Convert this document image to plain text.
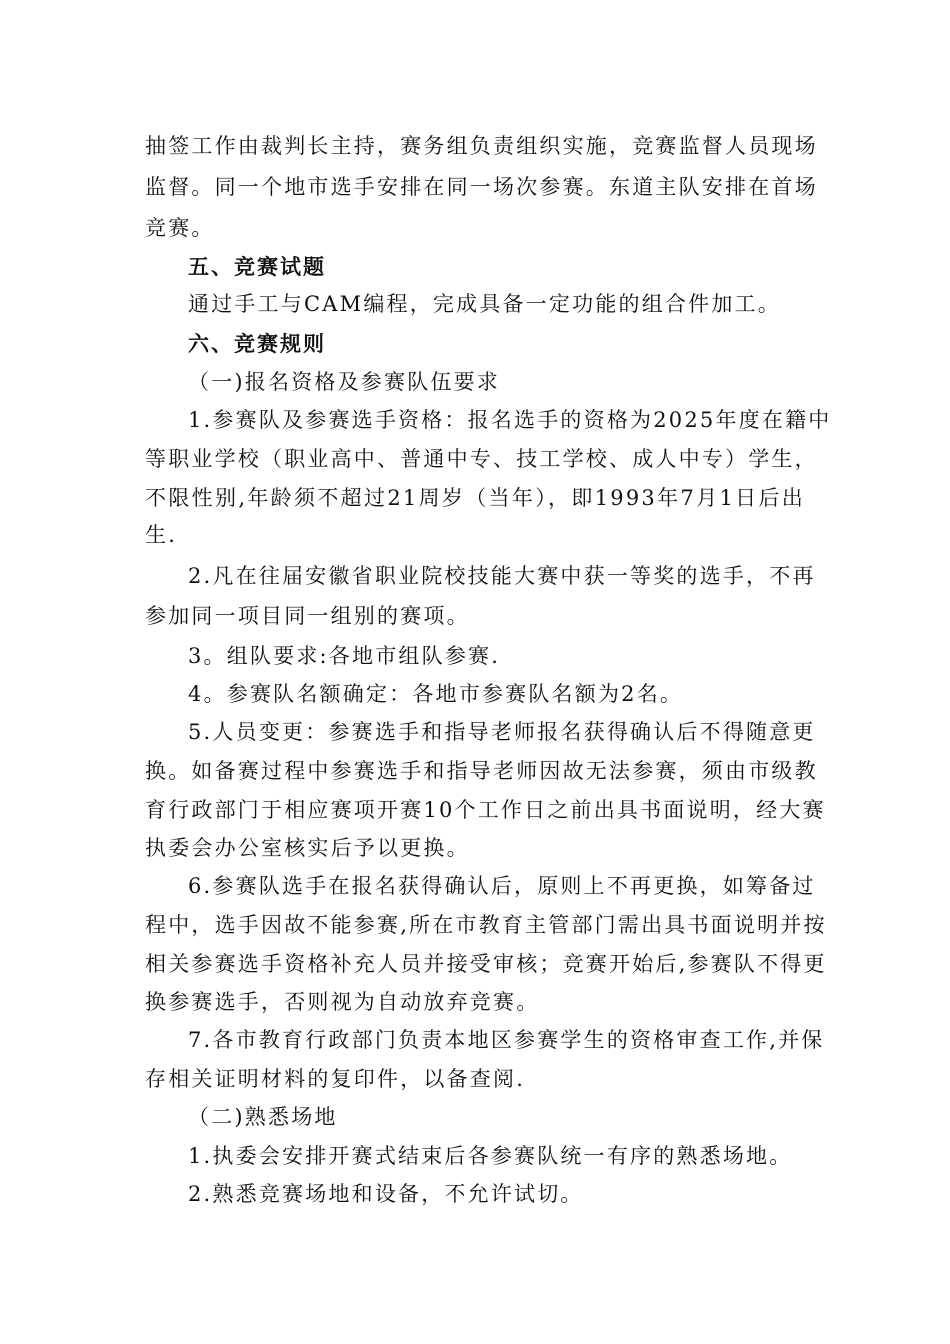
抽签工作由裁判长主持，赛务组负责组织实施，竞赛监督人员现场
监督。同一个地市选手安排在同一场次参赛。东道主队安排在首场
竞赛。
五、竞赛试题
通过手工与CAM编程，完成具备一定功能的组合件加工。
六、竞赛规则
（一)报名资格及参赛队伍要求
1.参赛队及参赛选手资格：报名选手的资格为2025年度在籍中
等职业学校（职业高中、普通中专、技工学校、成人中专）学生，
不限性别,年龄须不超过21周岁（当年），即1993年7月1日后出
生.
2.凡在往届安徽省职业院校技能大赛中获一等奖的选手，不再
参加同一项目同一组别的赛项。
3。组队要求:各地市组队参赛.
4。参赛队名额确定：各地市参赛队名额为2名。
5.人员变更：参赛选手和指导老师报名获得确认后不得随意更
换。如备赛过程中参赛选手和指导老师因故无法参赛，须由市级教
育行政部门于相应赛项开赛10个工作日之前出具书面说明，经大赛
执委会办公室核实后予以更换。
6.参赛队选手在报名获得确认后，原则上不再更换，如筹备过
程中，选手因故不能参赛,所在市教育主管部门需出具书面说明并按
相关参赛选手资格补充人员并接受审核；竞赛开始后,参赛队不得更
换参赛选手，否则视为自动放弃竞赛。
7.各市教育行政部门负责本地区参赛学生的资格审查工作,并保
存相关证明材料的复印件，以备查阅.
（二)熟悉场地
1.执委会安排开赛式结束后各参赛队统一有序的熟悉场地。
2.熟悉竞赛场地和设备，不允许试切。
